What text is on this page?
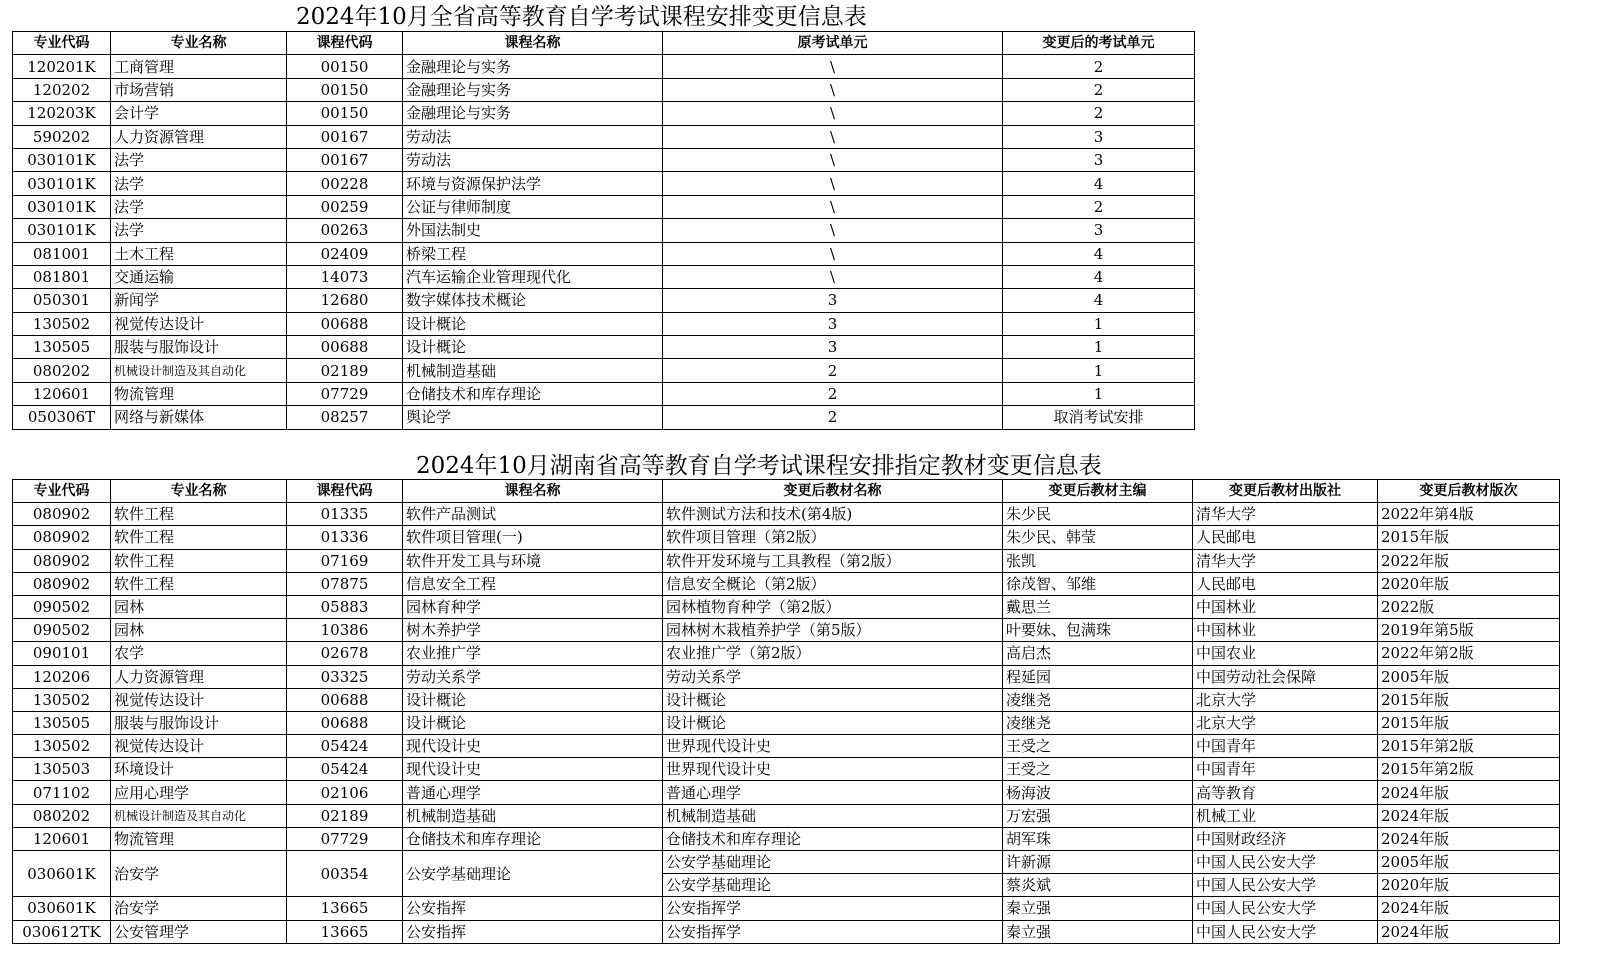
2024年10月全省高等教育自学考试课程安排变更信息表
专业代码	专业名称	课程代码	课程名称	原考试单元	变更后的考试单元
120201K	工商管理	00150	金融理论与实务	\	2
120202	市场营销	00150	金融理论与实务	\	2
120203K	会计学	00150	金融理论与实务	\	2
590202	人力资源管理	00167	劳动法	\	3
030101K	法学	00167	劳动法	\	3
030101K	法学	00228	环境与资源保护法学	\	4
030101K	法学	00259	公证与律师制度	\	2
030101K	法学	00263	外国法制史	\	3
081001	土木工程	02409	桥梁工程	\	4
081801	交通运输	14073	汽车运输企业管理现代化	\	4
050301	新闻学	12680	数字媒体技术概论	3	4
130502	视觉传达设计	00688	设计概论	3	1
130505	服装与服饰设计	00688	设计概论	3	1
080202	机械设计制造及其自动化	02189	机械制造基础	2	1
120601	物流管理	07729	仓储技术和库存理论	2	1
050306T	网络与新媒体	08257	舆论学	2	取消考试安排
2024年10月湖南省高等教育自学考试课程安排指定教材变更信息表
专业代码	专业名称	课程代码	课程名称	变更后教材名称	变更后教材主编	变更后教材出版社	变更后教材版次
080902	软件工程	01335	软件产品测试	软件测试方法和技术(第4版)	朱少民	清华大学	2022年第4版
080902	软件工程	01336	软件项目管理(一)	软件项目管理（第2版）	朱少民、韩莹	人民邮电	2015年版
080902	软件工程	07169	软件开发工具与环境	软件开发环境与工具教程（第2版）	张凯	清华大学	2022年版
080902	软件工程	07875	信息安全工程	信息安全概论（第2版）	徐茂智、邹维	人民邮电	2020年版
090502	园林	05883	园林育种学	园林植物育种学（第2版）	戴思兰	中国林业	2022版
090502	园林	10386	树木养护学	园林树木栽植养护学（第5版）	叶要妹、包满珠	中国林业	2019年第5版
090101	农学	02678	农业推广学	农业推广学（第2版）	高启杰	中国农业	2022年第2版
120206	人力资源管理	03325	劳动关系学	劳动关系学	程延园	中国劳动社会保障	2005年版
130502	视觉传达设计	00688	设计概论	设计概论	凌继尧	北京大学	2015年版
130505	服装与服饰设计	00688	设计概论	设计概论	凌继尧	北京大学	2015年版
130502	视觉传达设计	05424	现代设计史	世界现代设计史	王受之	中国青年	2015年第2版
130503	环境设计	05424	现代设计史	世界现代设计史	王受之	中国青年	2015年第2版
071102	应用心理学	02106	普通心理学	普通心理学	杨海波	高等教育	2024年版
080202	机械设计制造及其自动化	02189	机械制造基础	机械制造基础	万宏强	机械工业	2024年版
120601	物流管理	07729	仓储技术和库存理论	仓储技术和库存理论	胡军珠	中国财政经济	2024年版
030601K	治安学	00354	公安学基础理论	公安学基础理论	许新源	中国人民公安大学	2005年版
				公安学基础理论	蔡炎斌	中国人民公安大学	2020年版
030601K	治安学	13665	公安指挥	公安指挥学	秦立强	中国人民公安大学	2024年版
030612TK	公安管理学	13665	公安指挥	公安指挥学	秦立强	中国人民公安大学	2024年版
